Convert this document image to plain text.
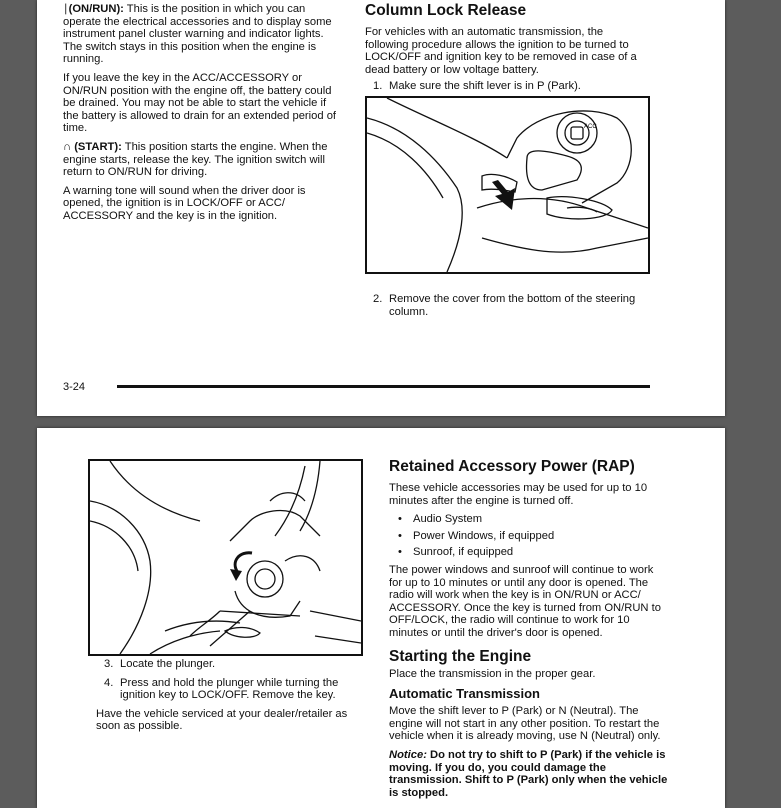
∣(ON/RUN): This is the position in which you can operate the electrical accessories and to display some instrument panel cluster warning and indicator lights. The switch stays in this position when the engine is running.

If you leave the key in the ACC/ACCESSORY or ON/RUN position with the engine off, the battery could be drained. You may not be able to start the vehicle if the battery is allowed to drain for an extended period of time.

∩ (START): This position starts the engine. When the engine starts, release the key. The ignition switch will return to ON/RUN for driving.

A warning tone will sound when the driver door is opened, the ignition is in LOCK/OFF or ACC/ ACCESSORY and the key is in the ignition.

Column Lock Release

For vehicles with an automatic transmission, the following procedure allows the ignition to be turned to LOCK/OFF and ignition key to be removed in case of a dead battery or low voltage battery.

1. Make sure the shift lever is in P (Park).
ACC
2. Remove the cover from the bottom of the steering column.
3-24
3. Locate the plunger.
4. Press and hold the plunger while turning the ignition key to LOCK/OFF. Remove the key.

Have the vehicle serviced at your dealer/retailer as soon as possible.

Retained Accessory Power (RAP)

These vehicle accessories may be used for up to 10 minutes after the engine is turned off.

• Audio System
• Power Windows, if equipped
• Sunroof, if equipped

The power windows and sunroof will continue to work for up to 10 minutes or until any door is opened. The radio will work when the key is in ON/RUN or ACC/ ACCESSORY. Once the key is turned from ON/RUN to OFF/LOCK, the radio will continue to work for 10 minutes or until the driver's door is opened.

Starting the Engine

Place the transmission in the proper gear.

Automatic Transmission

Move the shift lever to P (Park) or N (Neutral). The engine will not start in any other position. To restart the vehicle when it is already moving, use N (Neutral) only.

Notice: Do not try to shift to P (Park) if the vehicle is moving. If you do, you could damage the transmission. Shift to P (Park) only when the vehicle is stopped.
